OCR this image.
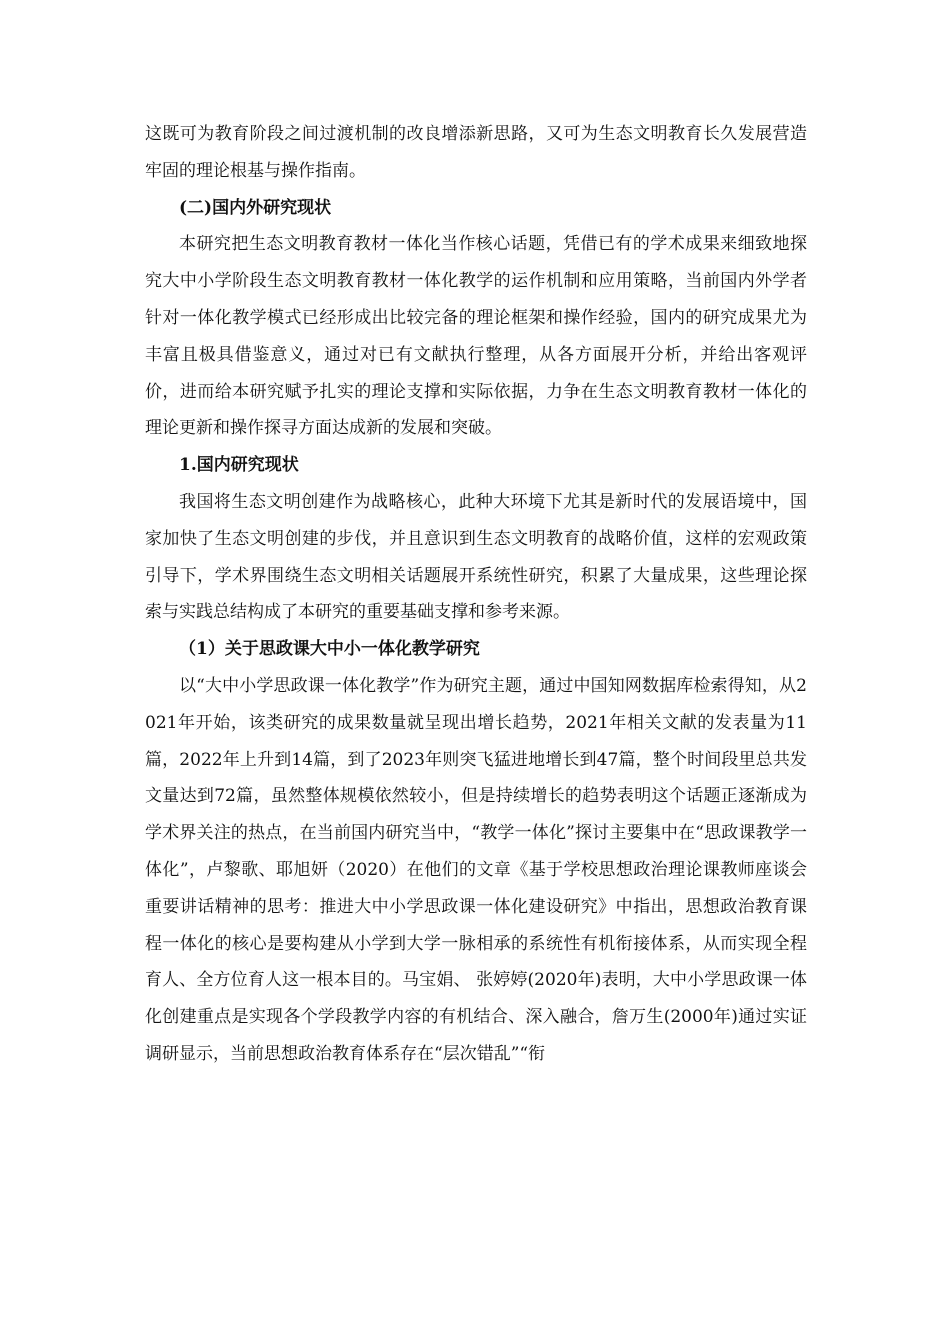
这既可为教育阶段之间过渡机制的改良增添新思路，又可为生态文明教育长久发展营造牢固的理论根基与操作指南。

(二)国内外研究现状

本研究把生态文明教育教材一体化当作核心话题，凭借已有的学术成果来细致地探究大中小学阶段生态文明教育教材一体化教学的运作机制和应用策略，当前国内外学者针对一体化教学模式已经形成出比较完备的理论框架和操作经验，国内的研究成果尤为丰富且极具借鉴意义，通过对已有文献执行整理，从各方面展开分析，并给出客观评价，进而给本研究赋予扎实的理论支撑和实际依据，力争在生态文明教育教材一体化的理论更新和操作探寻方面达成新的发展和突破。

1.国内研究现状

我国将生态文明创建作为战略核心，此种大环境下尤其是新时代的发展语境中，国家加快了生态文明创建的步伐，并且意识到生态文明教育的战略价值，这样的宏观政策引导下，学术界围绕生态文明相关话题展开系统性研究，积累了大量成果，这些理论探索与实践总结构成了本研究的重要基础支撑和参考来源。

（1）关于思政课大中小一体化教学研究

以“大中小学思政课一体化教学”作为研究主题，通过中国知网数据库检索得知，从2021年开始，该类研究的成果数量就呈现出增长趋势，2021年相关文献的发表量为11篇，2022年上升到14篇，到了2023年则突飞猛进地增长到47篇，整个时间段里总共发文量达到72篇，虽然整体规模依然较小，但是持续增长的趋势表明这个话题正逐渐成为学术界关注的热点，在当前国内研究当中，“教学一体化”探讨主要集中在“思政课教学一体化”，卢黎歌、耶旭妍（2020）在他们的文章《基于学校思想政治理论课教师座谈会重要讲话精神的思考：推进大中小学思政课一体化建设研究》中指出，思想政治教育课程一体化的核心是要构建从小学到大学一脉相承的系统性有机衔接体系，从而实现全程育人、全方位育人这一根本目的。马宝娟、 张婷婷(2020年)表明，大中小学思政课一体化创建重点是实现各个学段教学内容的有机结合、深入融合，詹万生(2000年)通过实证调研显示，当前思想政治教育体系存在“层次错乱”“衔
